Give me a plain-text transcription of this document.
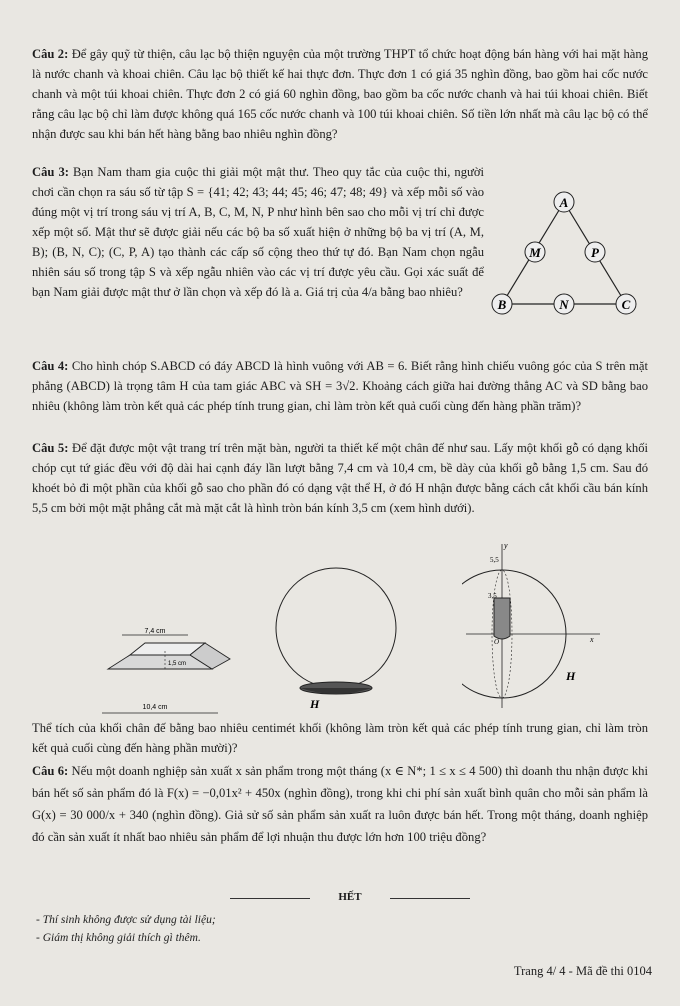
Câu 2: Để gây quỹ từ thiện, câu lạc bộ thiện nguyện của một trường THPT tổ chức hoạt động bán hàng với hai mặt hàng là nước chanh và khoai chiên. Câu lạc bộ thiết kế hai thực đơn. Thực đơn 1 có giá 35 nghìn đồng, bao gồm hai cốc nước chanh và một túi khoai chiên. Thực đơn 2 có giá 60 nghìn đồng, bao gồm ba cốc nước chanh và hai túi khoai chiên. Biết rằng câu lạc bộ chỉ làm được không quá 165 cốc nước chanh và 100 túi khoai chiên. Số tiền lớn nhất mà câu lạc bộ có thể nhận được sau khi bán hết hàng bằng bao nhiêu nghìn đồng?
Câu 3: Bạn Nam tham gia cuộc thi giải một mật thư. Theo quy tắc của cuộc thi, người chơi cần chọn ra sáu số từ tập S = {41; 42; 43; 44; 45; 46; 47; 48; 49} và xếp mỗi số vào đúng một vị trí trong sáu vị trí A, B, C, M, N, P như hình bên sao cho mỗi vị trí chỉ được xếp một số. Mật thư sẽ được giải nếu các bộ ba số xuất hiện ở những bộ ba vị trí (A, M, B); (B, N, C); (C, P, A) tạo thành các cấp số cộng theo thứ tự đó. Bạn Nam chọn ngẫu nhiên sáu số trong tập S và xếp ngẫu nhiên vào các vị trí được yêu cầu. Gọi xác suất để bạn Nam giải được mật thư ở lần chọn và xếp đó là a. Giá trị của 4/a bằng bao nhiêu?
A
M	P
B	N	C
Câu 4: Cho hình chóp S.ABCD có đáy ABCD là hình vuông với AB = 6. Biết rằng hình chiếu vuông góc của S trên mặt phẳng (ABCD) là trọng tâm H của tam giác ABC và SH = 3√2. Khoảng cách giữa hai đường thẳng AC và SD bằng bao nhiêu (không làm tròn kết quả các phép tính trung gian, chỉ làm tròn kết quả cuối cùng đến hàng phần trăm)?
Câu 5: Để đặt được một vật trang trí trên mặt bàn, người ta thiết kế một chân đế như sau. Lấy một khối gỗ có dạng khối chóp cụt tứ giác đều với độ dài hai cạnh đáy lần lượt bằng 7,4 cm và 10,4 cm, bề dày của khối gỗ bằng 1,5 cm. Sau đó khoét bỏ đi một phần của khối gỗ sao cho phần đó có dạng vật thể H, ở đó H nhận được bằng cách cắt khối cầu bán kính 5,5 cm bởi một mặt phẳng cắt mà mặt cắt là hình tròn bán kính 3,5 cm (xem hình dưới).
7,4 cm
1,5 cm
10,4 cm	H
y
x
5,5
3,5
O
H
Thể tích của khối chân đế bằng bao nhiêu centimét khối (không làm tròn kết quả các phép tính trung gian, chỉ làm tròn kết quả cuối cùng đến hàng phần mười)?
Câu 6: Nếu một doanh nghiệp sản xuất x sản phẩm trong một tháng (x ∈ N*; 1 ≤ x ≤ 4 500) thì doanh thu nhận được khi bán hết số sản phẩm đó là F(x) = −0,01x² + 450x (nghìn đồng), trong khi chi phí sản xuất bình quân cho mỗi sản phẩm là G(x) = 30 000/x + 340 (nghìn đồng). Giả sử số sản phẩm sản xuất ra luôn được bán hết. Trong một tháng, doanh nghiệp đó cần sản xuất ít nhất bao nhiêu sản phẩm để lợi nhuận thu được lớn hơn 100 triệu đồng?
HẾT
- Thí sinh không được sử dụng tài liệu;
- Giám thị không giải thích gì thêm.
Trang 4/ 4 - Mã đề thi 0104
